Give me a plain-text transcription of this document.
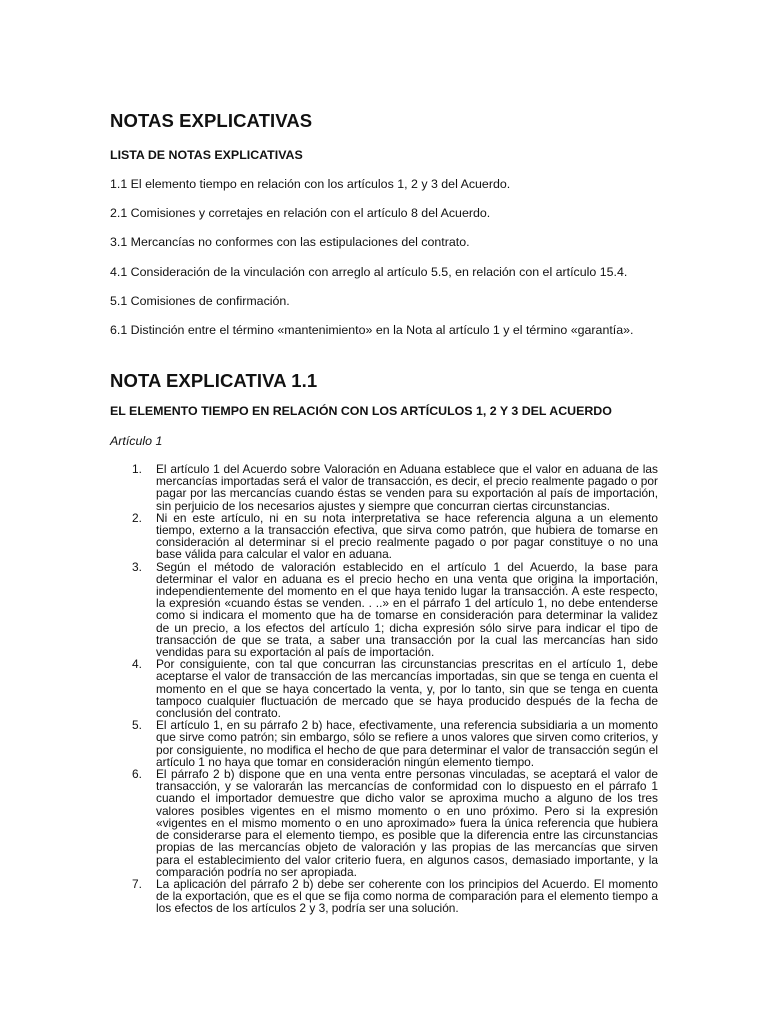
NOTAS EXPLICATIVAS
LISTA DE NOTAS EXPLICATIVAS

1.1 El elemento tiempo en relación con los artículos 1, 2 y 3 del Acuerdo.

2.1 Comisiones y corretajes en relación con el artículo 8 del Acuerdo.

3.1 Mercancías no conformes con las estipulaciones del contrato.

4.1 Consideración de la vinculación con arreglo al artículo 5.5, en relación con el artículo 15.4.

5.1 Comisiones de confirmación.

6.1 Distinción entre el término «mantenimiento» en la Nota al artículo 1 y el término «garantía».

NOTA EXPLICATIVA 1.1
EL ELEMENTO TIEMPO EN RELACIÓN CON LOS ARTÍCULOS 1, 2 Y 3 DEL ACUERDO

Artículo 1

1. El artículo 1 del Acuerdo sobre Valoración en Aduana establece que el valor en aduana de las mercancías importadas será el valor de transacción, es decir, el precio realmente pagado o por pagar por las mercancías cuando éstas se venden para su exportación al país de importación, sin perjuicio de los necesarios ajustes y siempre que concurran ciertas circunstancias.
2. Ni en este artículo, ni en su nota interpretativa se hace referencia alguna a un elemento tiempo, externo a la transacción efectiva, que sirva como patrón, que hubiera de tomarse en consideración al determinar si el precio realmente pagado o por pagar constituye o no una base válida para calcular el valor en aduana.
3. Según el método de valoración establecido en el artículo 1 del Acuerdo, la base para determinar el valor en aduana es el precio hecho en una venta que origina la importación, independientemente del momento en el que haya tenido lugar la transacción. A este respecto, la expresión «cuando éstas se venden. . ..» en el párrafo 1 del artículo 1, no debe entenderse como si indicara el momento que ha de tomarse en consideración para determinar la validez de un precio, a los efectos del artículo 1; dicha expresión sólo sirve para indicar el tipo de transacción de que se trata, a saber una transacción por la cual las mercancías han sido vendidas para su exportación al país de importación.
4. Por consiguiente, con tal que concurran las circunstancias prescritas en el artículo 1, debe aceptarse el valor de transacción de las mercancías importadas, sin que se tenga en cuenta el momento en el que se haya concertado la venta, y, por lo tanto, sin que se tenga en cuenta tampoco cualquier fluctuación de mercado que se haya producido después de la fecha de conclusión del contrato.
5. El artículo 1, en su párrafo 2 b) hace, efectivamente, una referencia subsidiaria a un momento que sirve como patrón; sin embargo, sólo se refiere a unos valores que sirven como criterios, y por consiguiente, no modifica el hecho de que para determinar el valor de transacción según el artículo 1 no haya que tomar en consideración ningún elemento tiempo.
6. El párrafo 2 b) dispone que en una venta entre personas vinculadas, se aceptará el valor de transacción, y se valorarán las mercancías de conformidad con lo dispuesto en el párrafo 1 cuando el importador demuestre que dicho valor se aproxima mucho a alguno de los tres valores posibles vigentes en el mismo momento o en uno próximo. Pero si la expresión «vigentes en el mismo momento o en uno aproximado» fuera la única referencia que hubiera de considerarse para el elemento tiempo, es posible que la diferencia entre las circunstancias propias de las mercancías objeto de valoración y las propias de las mercancías que sirven para el establecimiento del valor criterio fuera, en algunos casos, demasiado importante, y la comparación podría no ser apropiada.
7. La aplicación del párrafo 2 b) debe ser coherente con los principios del Acuerdo. El momento de la exportación, que es el que se fija como norma de comparación para el elemento tiempo a los efectos de los artículos 2 y 3, podría ser una solución.
